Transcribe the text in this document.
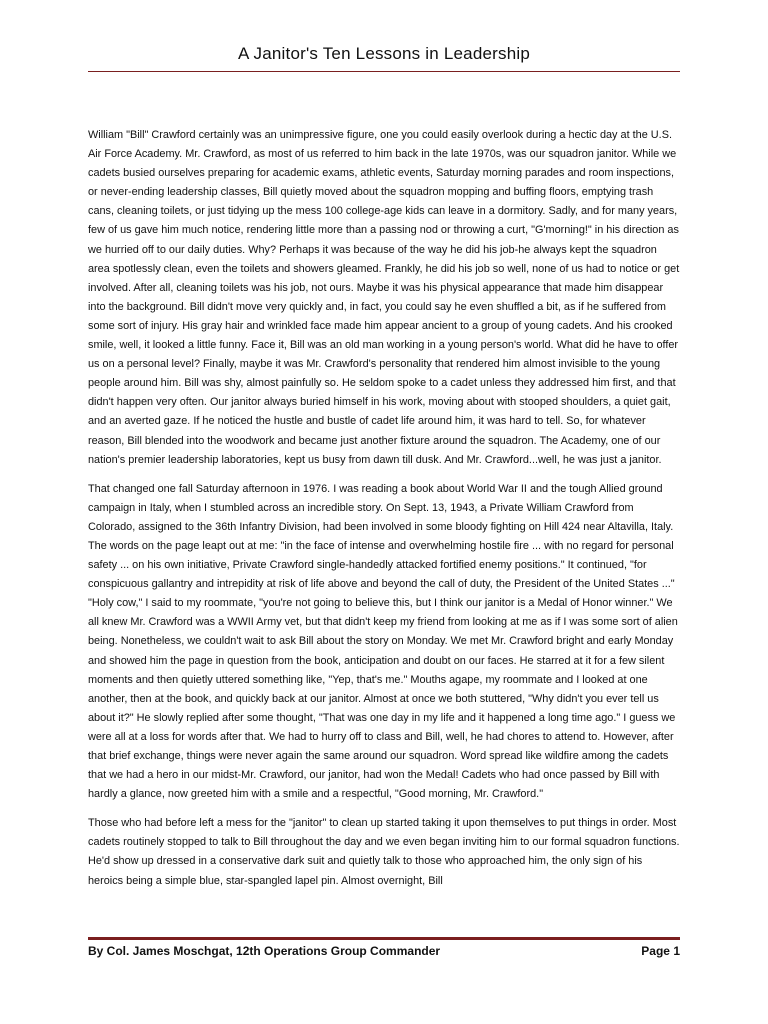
A Janitor's Ten Lessons in Leadership

William "Bill" Crawford certainly was an unimpressive figure, one you could easily overlook during a hectic day at the U.S. Air Force Academy. Mr. Crawford, as most of us referred to him back in the late 1970s, was our squadron janitor. While we cadets busied ourselves preparing for academic exams, athletic events, Saturday morning parades and room inspections, or never-ending leadership classes, Bill quietly moved about the squadron mopping and buffing floors, emptying trash cans, cleaning toilets, or just tidying up the mess 100 college-age kids can leave in a dormitory. Sadly, and for many years, few of us gave him much notice, rendering little more than a passing nod or throwing a curt, "G'morning!" in his direction as we hurried off to our daily duties. Why? Perhaps it was because of the way he did his job-he always kept the squadron area spotlessly clean, even the toilets and showers gleamed. Frankly, he did his job so well, none of us had to notice or get involved. After all, cleaning toilets was his job, not ours. Maybe it was his physical appearance that made him disappear into the background. Bill didn't move very quickly and, in fact, you could say he even shuffled a bit, as if he suffered from some sort of injury. His gray hair and wrinkled face made him appear ancient to a group of young cadets. And his crooked smile, well, it looked a little funny. Face it, Bill was an old man working in a young person's world. What did he have to offer us on a personal level? Finally, maybe it was Mr. Crawford's personality that rendered him almost invisible to the young people around him. Bill was shy, almost painfully so. He seldom spoke to a cadet unless they addressed him first, and that didn't happen very often. Our janitor always buried himself in his work, moving about with stooped shoulders, a quiet gait, and an averted gaze. If he noticed the hustle and bustle of cadet life around him, it was hard to tell. So, for whatever reason, Bill blended into the woodwork and became just another fixture around the squadron. The Academy, one of our nation's premier leadership laboratories, kept us busy from dawn till dusk. And Mr. Crawford...well, he was just a janitor.

That changed one fall Saturday afternoon in 1976. I was reading a book about World War II and the tough Allied ground campaign in Italy, when I stumbled across an incredible story. On Sept. 13, 1943, a Private William Crawford from Colorado, assigned to the 36th Infantry Division, had been involved in some bloody fighting on Hill 424 near Altavilla, Italy. The words on the page leapt out at me: "in the face of intense and overwhelming hostile fire ... with no regard for personal safety ... on his own initiative, Private Crawford single-handedly attacked fortified enemy positions." It continued, "for conspicuous gallantry and intrepidity at risk of life above and beyond the call of duty, the President of the United States ..." "Holy cow," I said to my roommate, "you're not going to believe this, but I think our janitor is a Medal of Honor winner." We all knew Mr. Crawford was a WWII Army vet, but that didn't keep my friend from looking at me as if I was some sort of alien being. Nonetheless, we couldn't wait to ask Bill about the story on Monday. We met Mr. Crawford bright and early Monday and showed him the page in question from the book, anticipation and doubt on our faces. He starred at it for a few silent moments and then quietly uttered something like, "Yep, that's me." Mouths agape, my roommate and I looked at one another, then at the book, and quickly back at our janitor. Almost at once we both stuttered, "Why didn't you ever tell us about it?" He slowly replied after some thought, "That was one day in my life and it happened a long time ago." I guess we were all at a loss for words after that. We had to hurry off to class and Bill, well, he had chores to attend to. However, after that brief exchange, things were never again the same around our squadron. Word spread like wildfire among the cadets that we had a hero in our midst-Mr. Crawford, our janitor, had won the Medal! Cadets who had once passed by Bill with hardly a glance, now greeted him with a smile and a respectful, "Good morning, Mr. Crawford."

Those who had before left a mess for the "janitor" to clean up started taking it upon themselves to put things in order. Most cadets routinely stopped to talk to Bill throughout the day and we even began inviting him to our formal squadron functions. He'd show up dressed in a conservative dark suit and quietly talk to those who approached him, the only sign of his heroics being a simple blue, star-spangled lapel pin. Almost overnight, Bill

By Col. James Moschgat, 12th Operations Group Commander	Page 1
